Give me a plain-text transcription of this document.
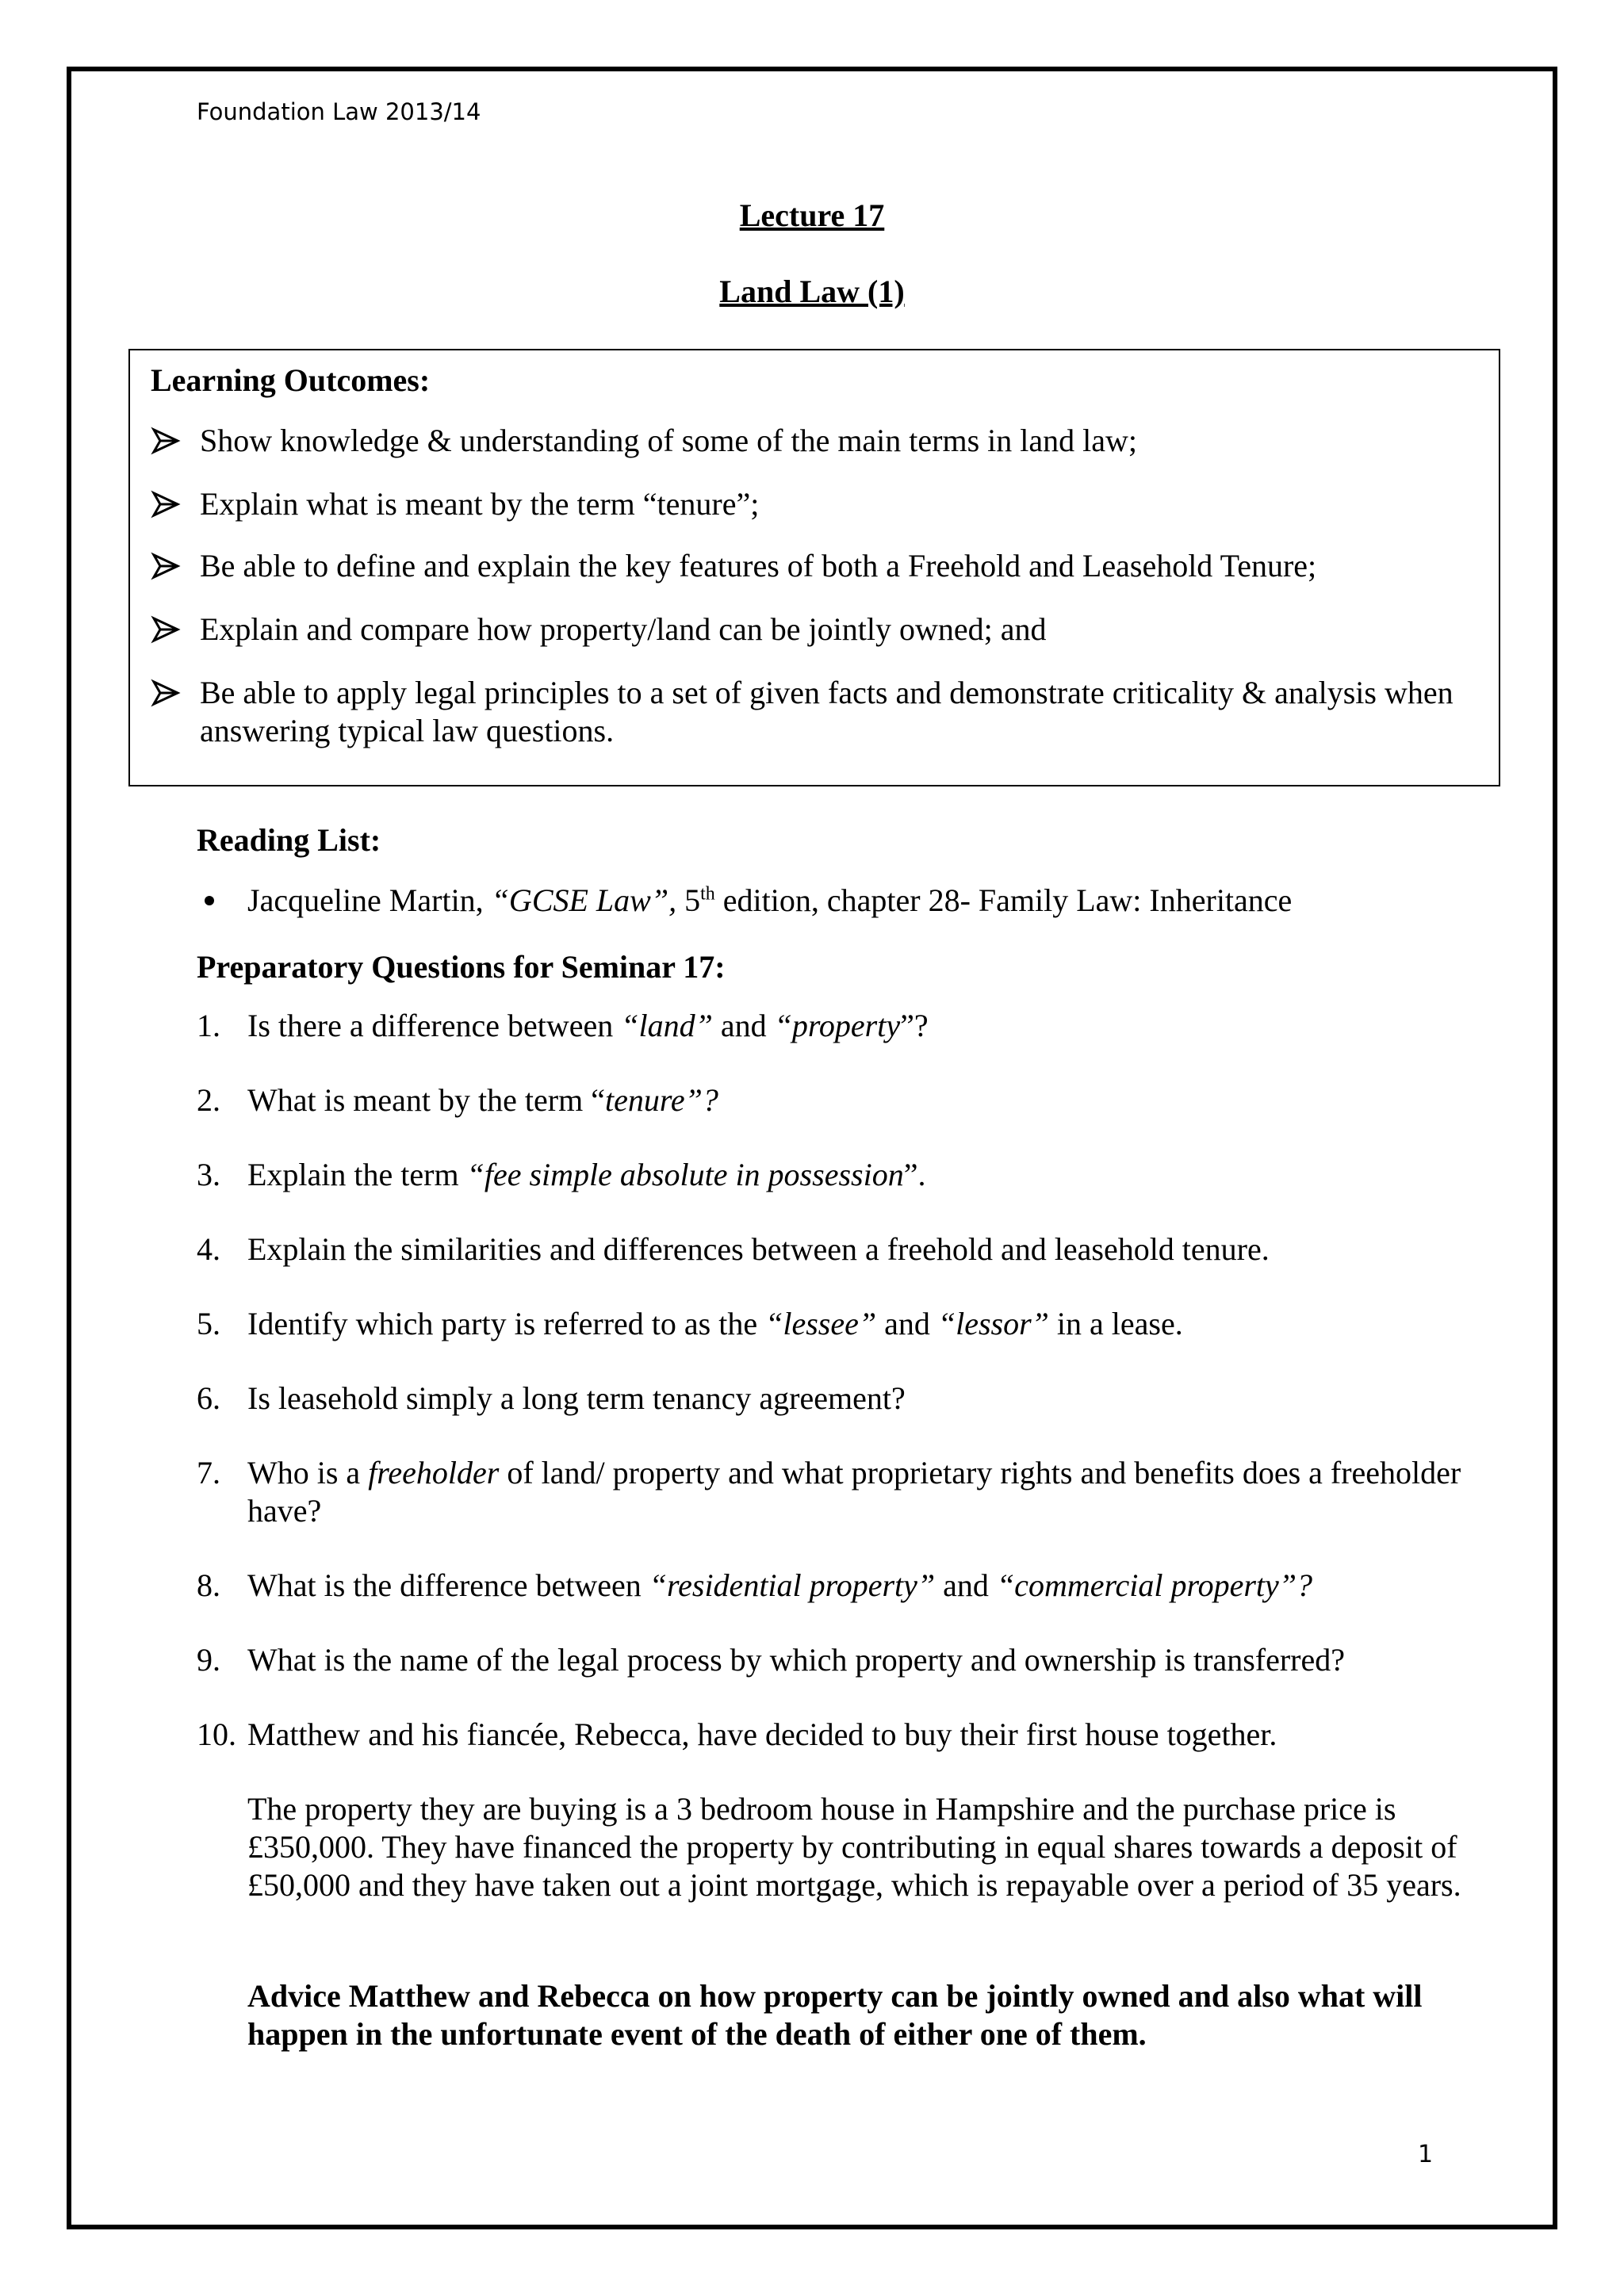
Foundation Law 2013/14
Lecture 17
Land Law (1)
Learning Outcomes:
Show knowledge & understanding of some of the main terms in land law;
Explain what is meant by the term “tenure”;
Be able to define and explain the key features of both a Freehold and Leasehold Tenure;
Explain and compare how property/land can be jointly owned; and
Be able to apply legal principles to a set of given facts and demonstrate criticality & analysis when answering typical law questions.
Reading List:
Jacqueline Martin, “GCSE Law”, 5th edition, chapter 28- Family Law: Inheritance
Preparatory Questions for Seminar 17:
1. Is there a difference between “land” and “property”?
2. What is meant by the term “tenure”?
3. Explain the term “fee simple absolute in possession”.
4. Explain the similarities and differences between a freehold and leasehold tenure.
5. Identify which party is referred to as the “lessee” and “lessor” in a lease.
6. Is leasehold simply a long term tenancy agreement?
7. Who is a freeholder of land/ property and what proprietary rights and benefits does a freeholder have?
8. What is the difference between “residential property” and “commercial property”?
9. What is the name of the legal process by which property and ownership is transferred?
10. Matthew and his fiancée, Rebecca, have decided to buy their first house together.
The property they are buying is a 3 bedroom house in Hampshire and the purchase price is £350,000. They have financed the property by contributing in equal shares towards a deposit of £50,000 and they have taken out a joint mortgage, which is repayable over a period of 35 years.
Advice Matthew and Rebecca on how property can be jointly owned and also what will happen in the unfortunate event of the death of either one of them.
1
